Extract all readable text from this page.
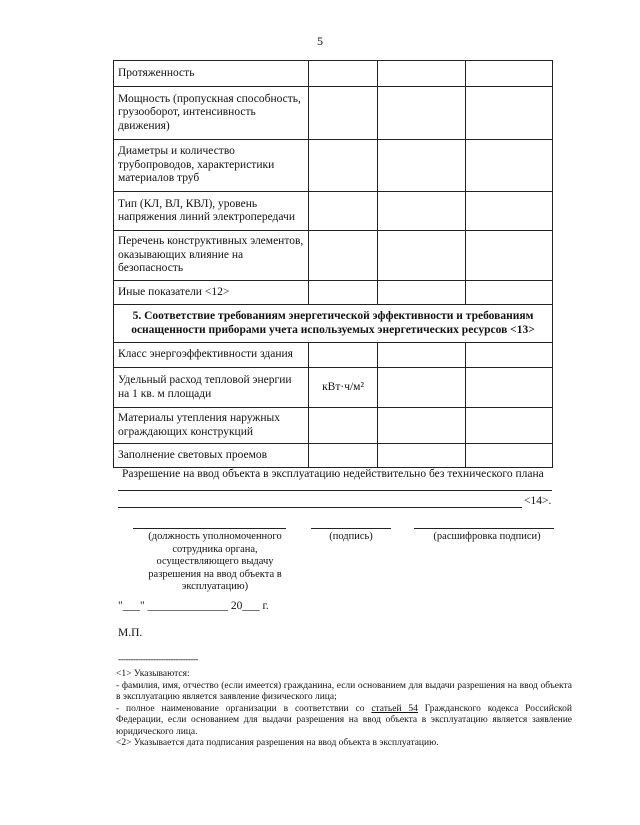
5
Протяженность			
Мощность (пропускная способность, грузооборот, интенсивность движения)			
Диаметры и количество трубопроводов, характеристики материалов труб			
Тип (КЛ, ВЛ, КВЛ), уровень напряжения линий электропередачи			
Перечень конструктивных элементов, оказывающих влияние на безопасность			
Иные показатели <12>			
5. Соответствие требованиям энергетической эффективности и требованиям оснащенности приборами учета используемых энергетических ресурсов <13>			
Класс энергоэффективности здания			
Удельный расход тепловой энергии на 1 кв. м площади	кВт·ч/м²		
Материалы утепления наружных ограждающих конструкций			
Заполнение световых проемов			
Разрешение на ввод объекта в эксплуатацию недействительно без технического плана
<14>.
(должность уполномоченного сотрудника органа, осуществляющего выдачу разрешения на ввод объекта в эксплуатацию)
(подпись)	(расшифровка подписи)
"___" ______________ 20___ г.
М.П.
--------------------------------

<1> Указываются:

- фамилия, имя, отчество (если имеется) гражданина, если основанием для выдачи разрешения на ввод объекта в эксплуатацию является заявление физического лица;

- полное наименование организации в соответствии со статьей 54 Гражданского кодекса Российской Федерации, если основанием для выдачи разрешения на ввод объекта в эксплуатацию является заявление юридического лица.

<2> Указывается дата подписания разрешения на ввод объекта в эксплуатацию.
